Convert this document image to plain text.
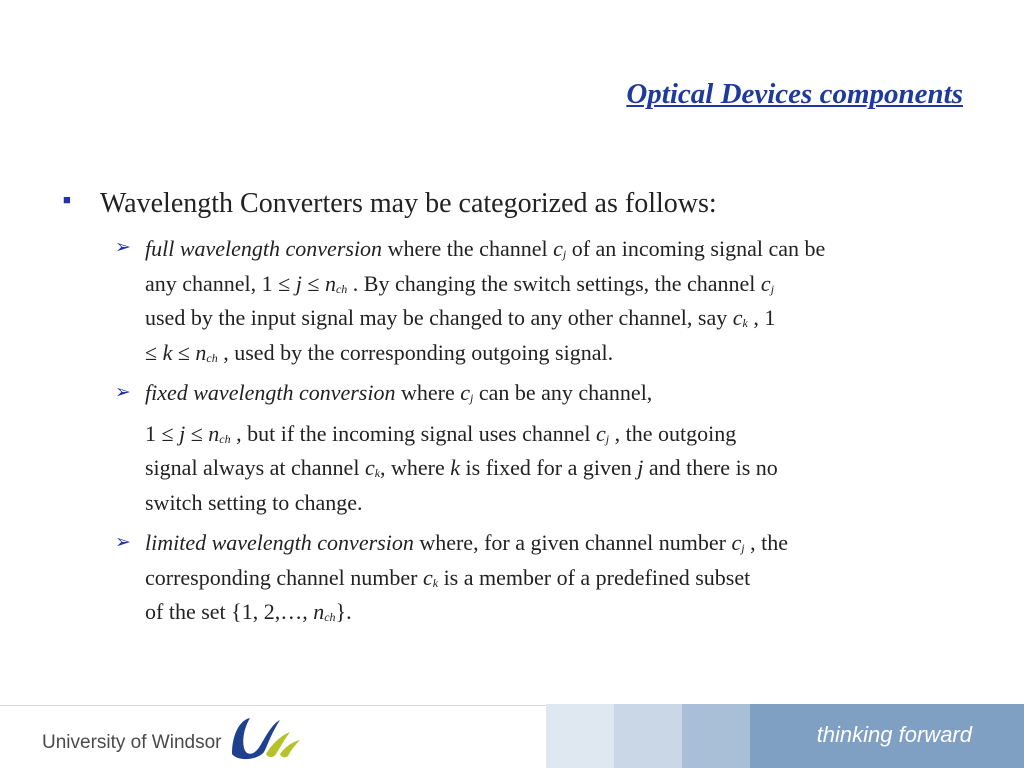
Optical Devices components
■ Wavelength Converters may be categorized as follows:
➢ full wavelength conversion where the channel $c_j$ of an incoming signal can be
any channel, $1 \le j \le n_{ch}$ . By changing the switch settings, the channel $c_j$
used by the input signal may be changed to any other channel, say $c_k$ , 1
≤ $k \le n_{ch}$ , used by the corresponding outgoing signal.
➢ fixed wavelength conversion where $c_j$ can be any channel,
$1 \le j \le n_{ch}$ , but if the incoming signal uses channel $c_j$ , the outgoing
signal always at channel $c_k$, where k is fixed for a given j and there is no
switch setting to change.
➢ limited wavelength conversion where, for a given channel number $c_j$ , the
corresponding channel number $c_k$ is a member of a predefined subset
of the set {1, 2,…, $n_{ch}$}.
University of Windsor	thinking forward
